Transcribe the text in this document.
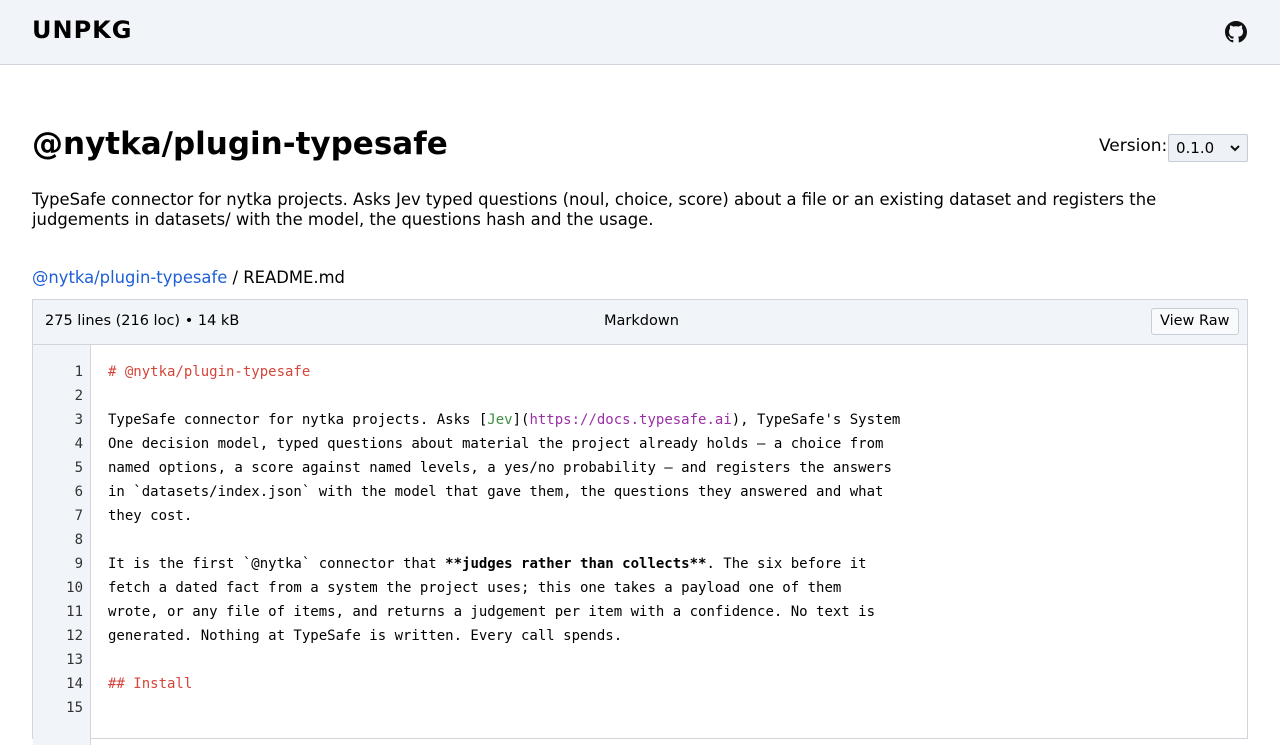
UNPKG
@nytka/plugin-typesafe	Version: 0.1.0

TypeSafe connector for nytka projects. Asks Jev typed questions (noul, choice, score) about a file or an existing dataset and registers the judgements in datasets/ with the model, the questions hash and the usage.

@nytka/plugin-typesafe / README.md
275 lines (216 loc) • 14 kB	Markdown	View Raw
1 # @nytka/plugin-typesafe
2
3 TypeSafe connector for nytka projects. Asks [Jev](https://docs.typesafe.ai), TypeSafe's System
4 One decision model, typed questions about material the project already holds — a choice from
5 named options, a score against named levels, a yes/no probability — and registers the answers
6 in `datasets/index.json` with the model that gave them, the questions they answered and what
7 they cost.
8
9 It is the first `@nytka` connector that **judges rather than collects**. The six before it
10 fetch a dated fact from a system the project uses; this one takes a payload one of them
11 wrote, or any file of items, and returns a judgement per item with a confidence. No text is
12 generated. Nothing at TypeSafe is written. Every call spends.
13
14 ## Install
15
